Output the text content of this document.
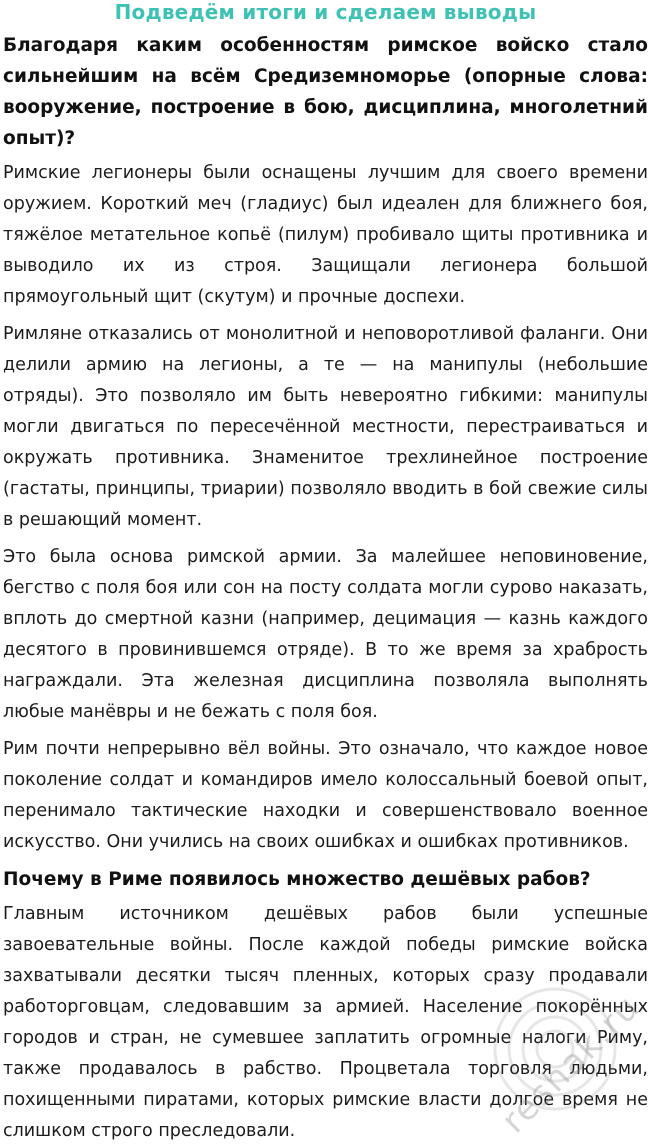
Подведём итоги и сделаем выводы

Благодаря каким особенностям римское войско стало сильнейшим на всём Средиземноморье (опорные слова: вооружение, построение в бою, дисциплина, многолетний опыт)?

Римские легионеры были оснащены лучшим для своего времени оружием. Короткий меч (гладиус) был идеален для ближнего боя, тяжёлое метательное копьё (пилум) пробивало щиты противника и выводило их из строя. Защищали легионера большой прямоугольный щит (скутум) и прочные доспехи.

Римляне отказались от монолитной и неповоротливой фаланги. Они делили армию на легионы, а те — на манипулы (небольшие отряды). Это позволяло им быть невероятно гибкими: манипулы могли двигаться по пересечённой местности, перестраиваться и окружать противника. Знаменитое трехлинейное построение (гастаты, принципы, триарии) позволяло вводить в бой свежие силы в решающий момент.

Это была основа римской армии. За малейшее неповиновение, бегство с поля боя или сон на посту солдата могли сурово наказать, вплоть до смертной казни (например, децимация — казнь каждого десятого в провинившемся отряде). В то же время за храбрость награждали. Эта железная дисциплина позволяла выполнять любые манёвры и не бежать с поля боя.

Рим почти непрерывно вёл войны. Это означало, что каждое новое поколение солдат и командиров имело колоссальный боевой опыт, перенимало тактические находки и совершенствовало военное искусство. Они учились на своих ошибках и ошибках противников.

Почему в Риме появилось множество дешёвых рабов?

Главным источником дешёвых рабов были успешные завоевательные войны. После каждой победы римские войска захватывали десятки тысяч пленных, которых сразу продавали работорговцам, следовавшим за армией. Население покорённых городов и стран, не сумевшее заплатить огромные налоги Риму, также продавалось в рабство. Процветала торговля людьми, похищенными пиратами, которых римские власти долгое время не слишком строго преследовали.	reshak.ru
